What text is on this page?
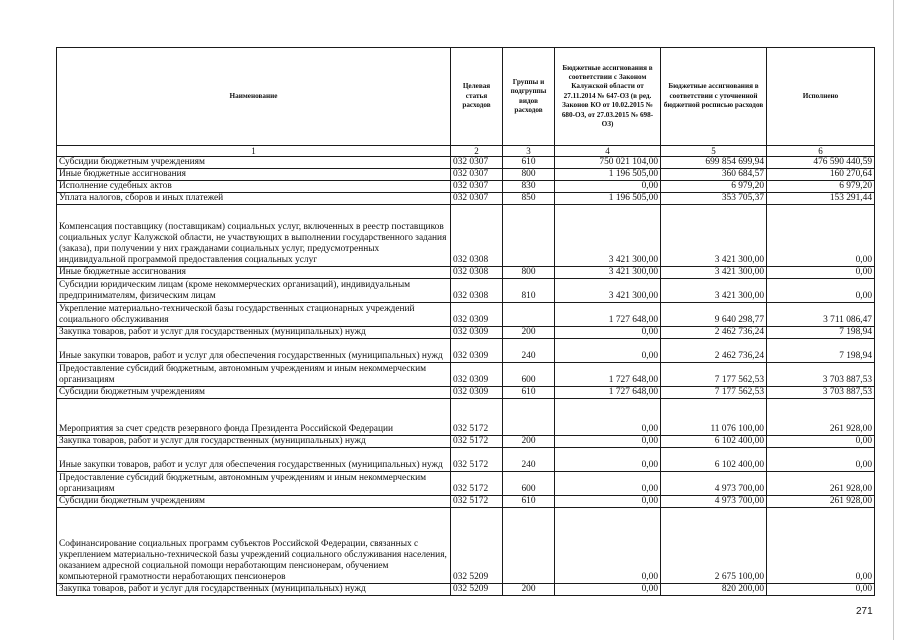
Наименование	Целевая статья расходов	Группы и подгруппы видов расходов	Бюджетные ассигнования в соответствии с Законом Калужской области от 27.11.2014 № 647-ОЗ (в ред. Законов КО от 10.02.2015 № 680-ОЗ, от 27.03.2015 № 698-ОЗ)	Бюджетные ассигнования в соответствии с уточненной бюджетной росписью расходов	Исполнено
1	2	3	4	5	6
Субсидии бюджетным учреждениям	032 0307	610	750 021 104,00	699 854 699,94	476 590 440,59
Иные бюджетные ассигнования	032 0307	800	1 196 505,00	360 684,57	160 270,64
Исполнение судебных актов	032 0307	830	0,00	6 979,20	6 979,20
Уплата налогов, сборов и иных платежей	032 0307	850	1 196 505,00	353 705,37	153 291,44
Компенсация поставщику (поставщикам) социальных услуг, включенных в реестр поставщиков социальных услуг Калужской области, не участвующих в выполнении государственного задания (заказа), при получении у них гражданами социальных услуг, предусмотренных индивидуальной программой предоставления социальных услуг	032 0308		3 421 300,00	3 421 300,00	0,00
Иные бюджетные ассигнования	032 0308	800	3 421 300,00	3 421 300,00	0,00
Субсидии юридическим лицам (кроме некоммерческих организаций), индивидуальным предпринимателям, физическим лицам	032 0308	810	3 421 300,00	3 421 300,00	0,00
Укрепление материально-технической базы государственных стационарных учреждений социального обслуживания	032 0309		1 727 648,00	9 640 298,77	3 711 086,47
Закупка товаров, работ и услуг для государственных (муниципальных) нужд	032 0309	200	0,00	2 462 736,24	7 198,94
Иные закупки товаров, работ и услуг для обеспечения государственных (муниципальных) нужд	032 0309	240	0,00	2 462 736,24	7 198,94
Предоставление субсидий бюджетным, автономным учреждениям и иным некоммерческим организациям	032 0309	600	1 727 648,00	7 177 562,53	3 703 887,53
Субсидии бюджетным учреждениям	032 0309	610	1 727 648,00	7 177 562,53	3 703 887,53
Мероприятия за счет средств резервного фонда Президента Российской Федерации	032 5172		0,00	11 076 100,00	261 928,00
Закупка товаров, работ и услуг для государственных (муниципальных) нужд	032 5172	200	0,00	6 102 400,00	0,00
Иные закупки товаров, работ и услуг для обеспечения государственных (муниципальных) нужд	032 5172	240	0,00	6 102 400,00	0,00
Предоставление субсидий бюджетным, автономным учреждениям и иным некоммерческим организациям	032 5172	600	0,00	4 973 700,00	261 928,00
Субсидии бюджетным учреждениям	032 5172	610	0,00	4 973 700,00	261 928,00
Софинансирование социальных программ субъектов Российской Федерации, связанных с укреплением материально-технической базы учреждений социального обслуживания населения, оказанием адресной социальной помощи неработающим пенсионерам, обучением компьютерной грамотности неработающих пенсионеров	032 5209		0,00	2 675 100,00	0,00
Закупка товаров, работ и услуг для государственных (муниципальных) нужд	032 5209	200	0,00	820 200,00	0,00
271
